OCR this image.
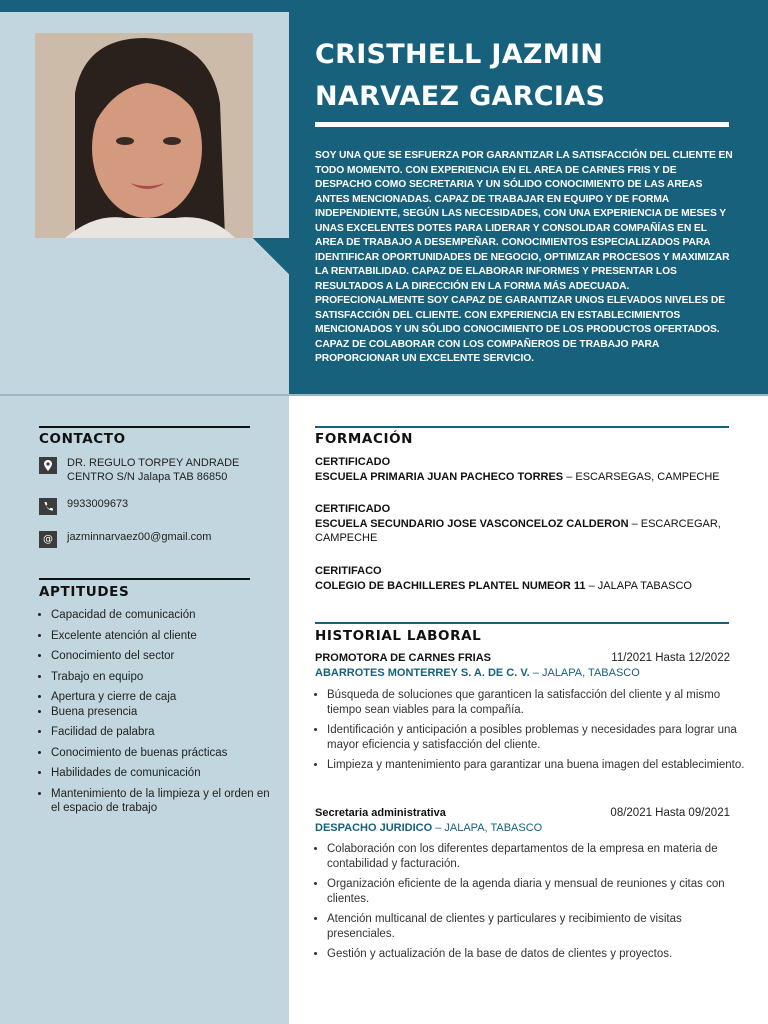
CRISTHELL JAZMIN
NARVAEZ GARCIAS
SOY UNA QUE SE ESFUERZA POR GARANTIZAR LA SATISFACCIÓN DEL CLIENTE EN TODO MOMENTO. CON EXPERIENCIA EN EL AREA DE CARNES FRIS Y DE DESPACHO COMO SECRETARIA Y UN SÓLIDO CONOCIMIENTO DE LAS AREAS ANTES MENCIONADAS. CAPAZ DE TRABAJAR EN EQUIPO Y DE FORMA INDEPENDIENTE, SEGÚN LAS NECESIDADES, CON UNA EXPERIENCIA DE MESES Y UNAS EXCELENTES DOTES PARA LIDERAR Y CONSOLIDAR COMPAÑÍAS EN EL AREA DE TRABAJO A DESEMPEÑAR. CONOCIMIENTOS ESPECIALIZADOS PARA IDENTIFICAR OPORTUNIDADES DE NEGOCIO, OPTIMIZAR PROCESOS Y MAXIMIZAR LA RENTABILIDAD. CAPAZ DE ELABORAR INFORMES Y PRESENTAR LOS RESULTADOS A LA DIRECCIÓN EN LA FORMA MÁS ADECUADA. PROFECIONALMENTE SOY CAPAZ DE GARANTIZAR UNOS ELEVADOS NIVELES DE SATISFACCIÓN DEL CLIENTE. CON EXPERIENCIA EN ESTABLECIMIENTOS MENCIONADOS Y UN SÓLIDO CONOCIMIENTO DE LOS PRODUCTOS OFERTADOS. CAPAZ DE COLABORAR CON LOS COMPAÑEROS DE TRABAJO PARA PROPORCIONAR UN EXCELENTE SERVICIO.
CONTACTO
DR. REGULO TORPEY ANDRADE CENTRO S/N Jalapa TAB 86850
9933009673
@	jazminnarvaez00@gmail.com
APTITUDES
• Capacidad de comunicación
• Excelente atención al cliente
• Conocimiento del sector
• Trabajo en equipo
• Apertura y cierre de caja
• Buena presencia
• Facilidad de palabra
• Conocimiento de buenas prácticas
• Habilidades de comunicación
• Mantenimiento de la limpieza y el orden en el espacio de trabajo
FORMACIÓN
CERTIFICADO
ESCUELA PRIMARIA JUAN PACHECO TORRES – ESCARSEGAS, CAMPECHE
CERTIFICADO
ESCUELA SECUNDARIO JOSE VASCONCELOZ CALDERON – ESCARCEGAR, CAMPECHE
CERITIFACO
COLEGIO DE BACHILLERES PLANTEL NUMEOR 11 – JALAPA TABASCO
HISTORIAL LABORAL
PROMOTORA DE CARNES FRIAS	11/2021 Hasta 12/2022
ABARROTES MONTERREY S. A. DE C. V. – JALAPA, TABASCO
• Búsqueda de soluciones que garanticen la satisfacción del cliente y al mismo tiempo sean viables para la compañía.
• Identificación y anticipación a posibles problemas y necesidades para lograr una mayor eficiencia y satisfacción del cliente.
• Limpieza y mantenimiento para garantizar una buena imagen del establecimiento.
Secretaria administrativa	08/2021 Hasta 09/2021
DESPACHO JURIDICO – JALAPA, TABASCO
• Colaboración con los diferentes departamentos de la empresa en materia de contabilidad y facturación.
• Organización eficiente de la agenda diaria y mensual de reuniones y citas con clientes.
• Atención multicanal de clientes y particulares y recibimiento de visitas presenciales.
• Gestión y actualización de la base de datos de clientes y proyectos.
